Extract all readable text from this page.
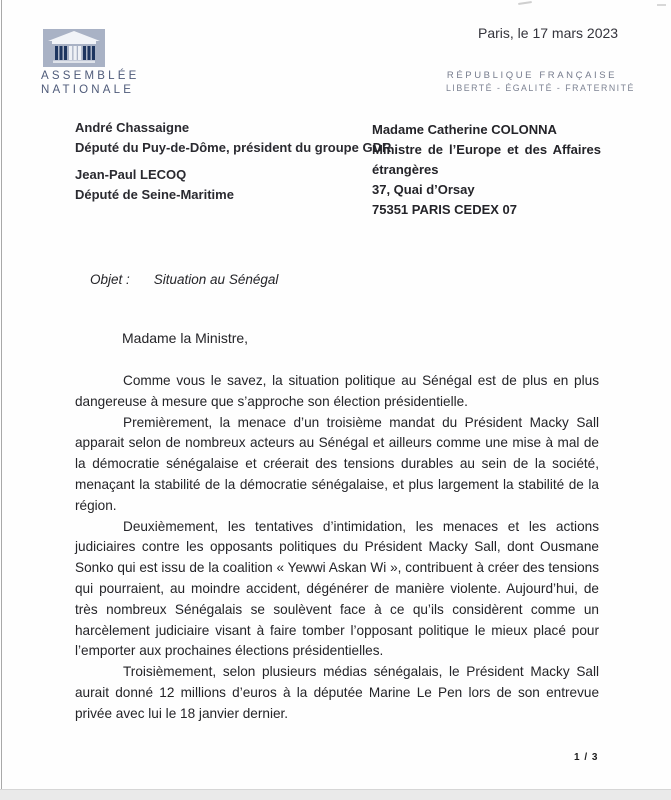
ASSEMBLÉE
NATIONALE
Paris, le 17 mars 2023
RÉPUBLIQUE FRANÇAISE
LIBERTÉ - ÉGALITÉ - FRATERNITÉ
André Chassaigne
Député du Puy-de-Dôme, président du groupe GDR
Jean-Paul LECOQ
Député de Seine-Maritime
Madame Catherine COLONNA
Ministre de l’Europe et des Affaires étrangères
37, Quai d’Orsay
75351 PARIS CEDEX 07
Objet : Situation au Sénégal
Madame la Ministre,

Comme vous le savez, la situation politique au Sénégal est de plus en plus dangereuse à mesure que s’approche son élection présidentielle.

Premièrement, la menace d’un troisième mandat du Président Macky Sall apparait selon de nombreux acteurs au Sénégal et ailleurs comme une mise à mal de la démocratie sénégalaise et créerait des tensions durables au sein de la société, menaçant la stabilité de la démocratie sénégalaise, et plus largement la stabilité de la région.

Deuxièmement, les tentatives d’intimidation, les menaces et les actions judiciaires contre les opposants politiques du Président Macky Sall, dont Ousmane Sonko qui est issu de la coalition « Yewwi Askan Wi », contribuent à créer des tensions qui pourraient, au moindre accident, dégénérer de manière violente. Aujourd’hui, de très nombreux Sénégalais se soulèvent face à ce qu’ils considèrent comme un harcèlement judiciaire visant à faire tomber l’opposant politique le mieux placé pour l’emporter aux prochaines élections présidentielles.

Troisièmement, selon plusieurs médias sénégalais, le Président Macky Sall aurait donné 12 millions d’euros à la députée Marine Le Pen lors de son entrevue privée avec lui le 18 janvier dernier.

1 / 3
